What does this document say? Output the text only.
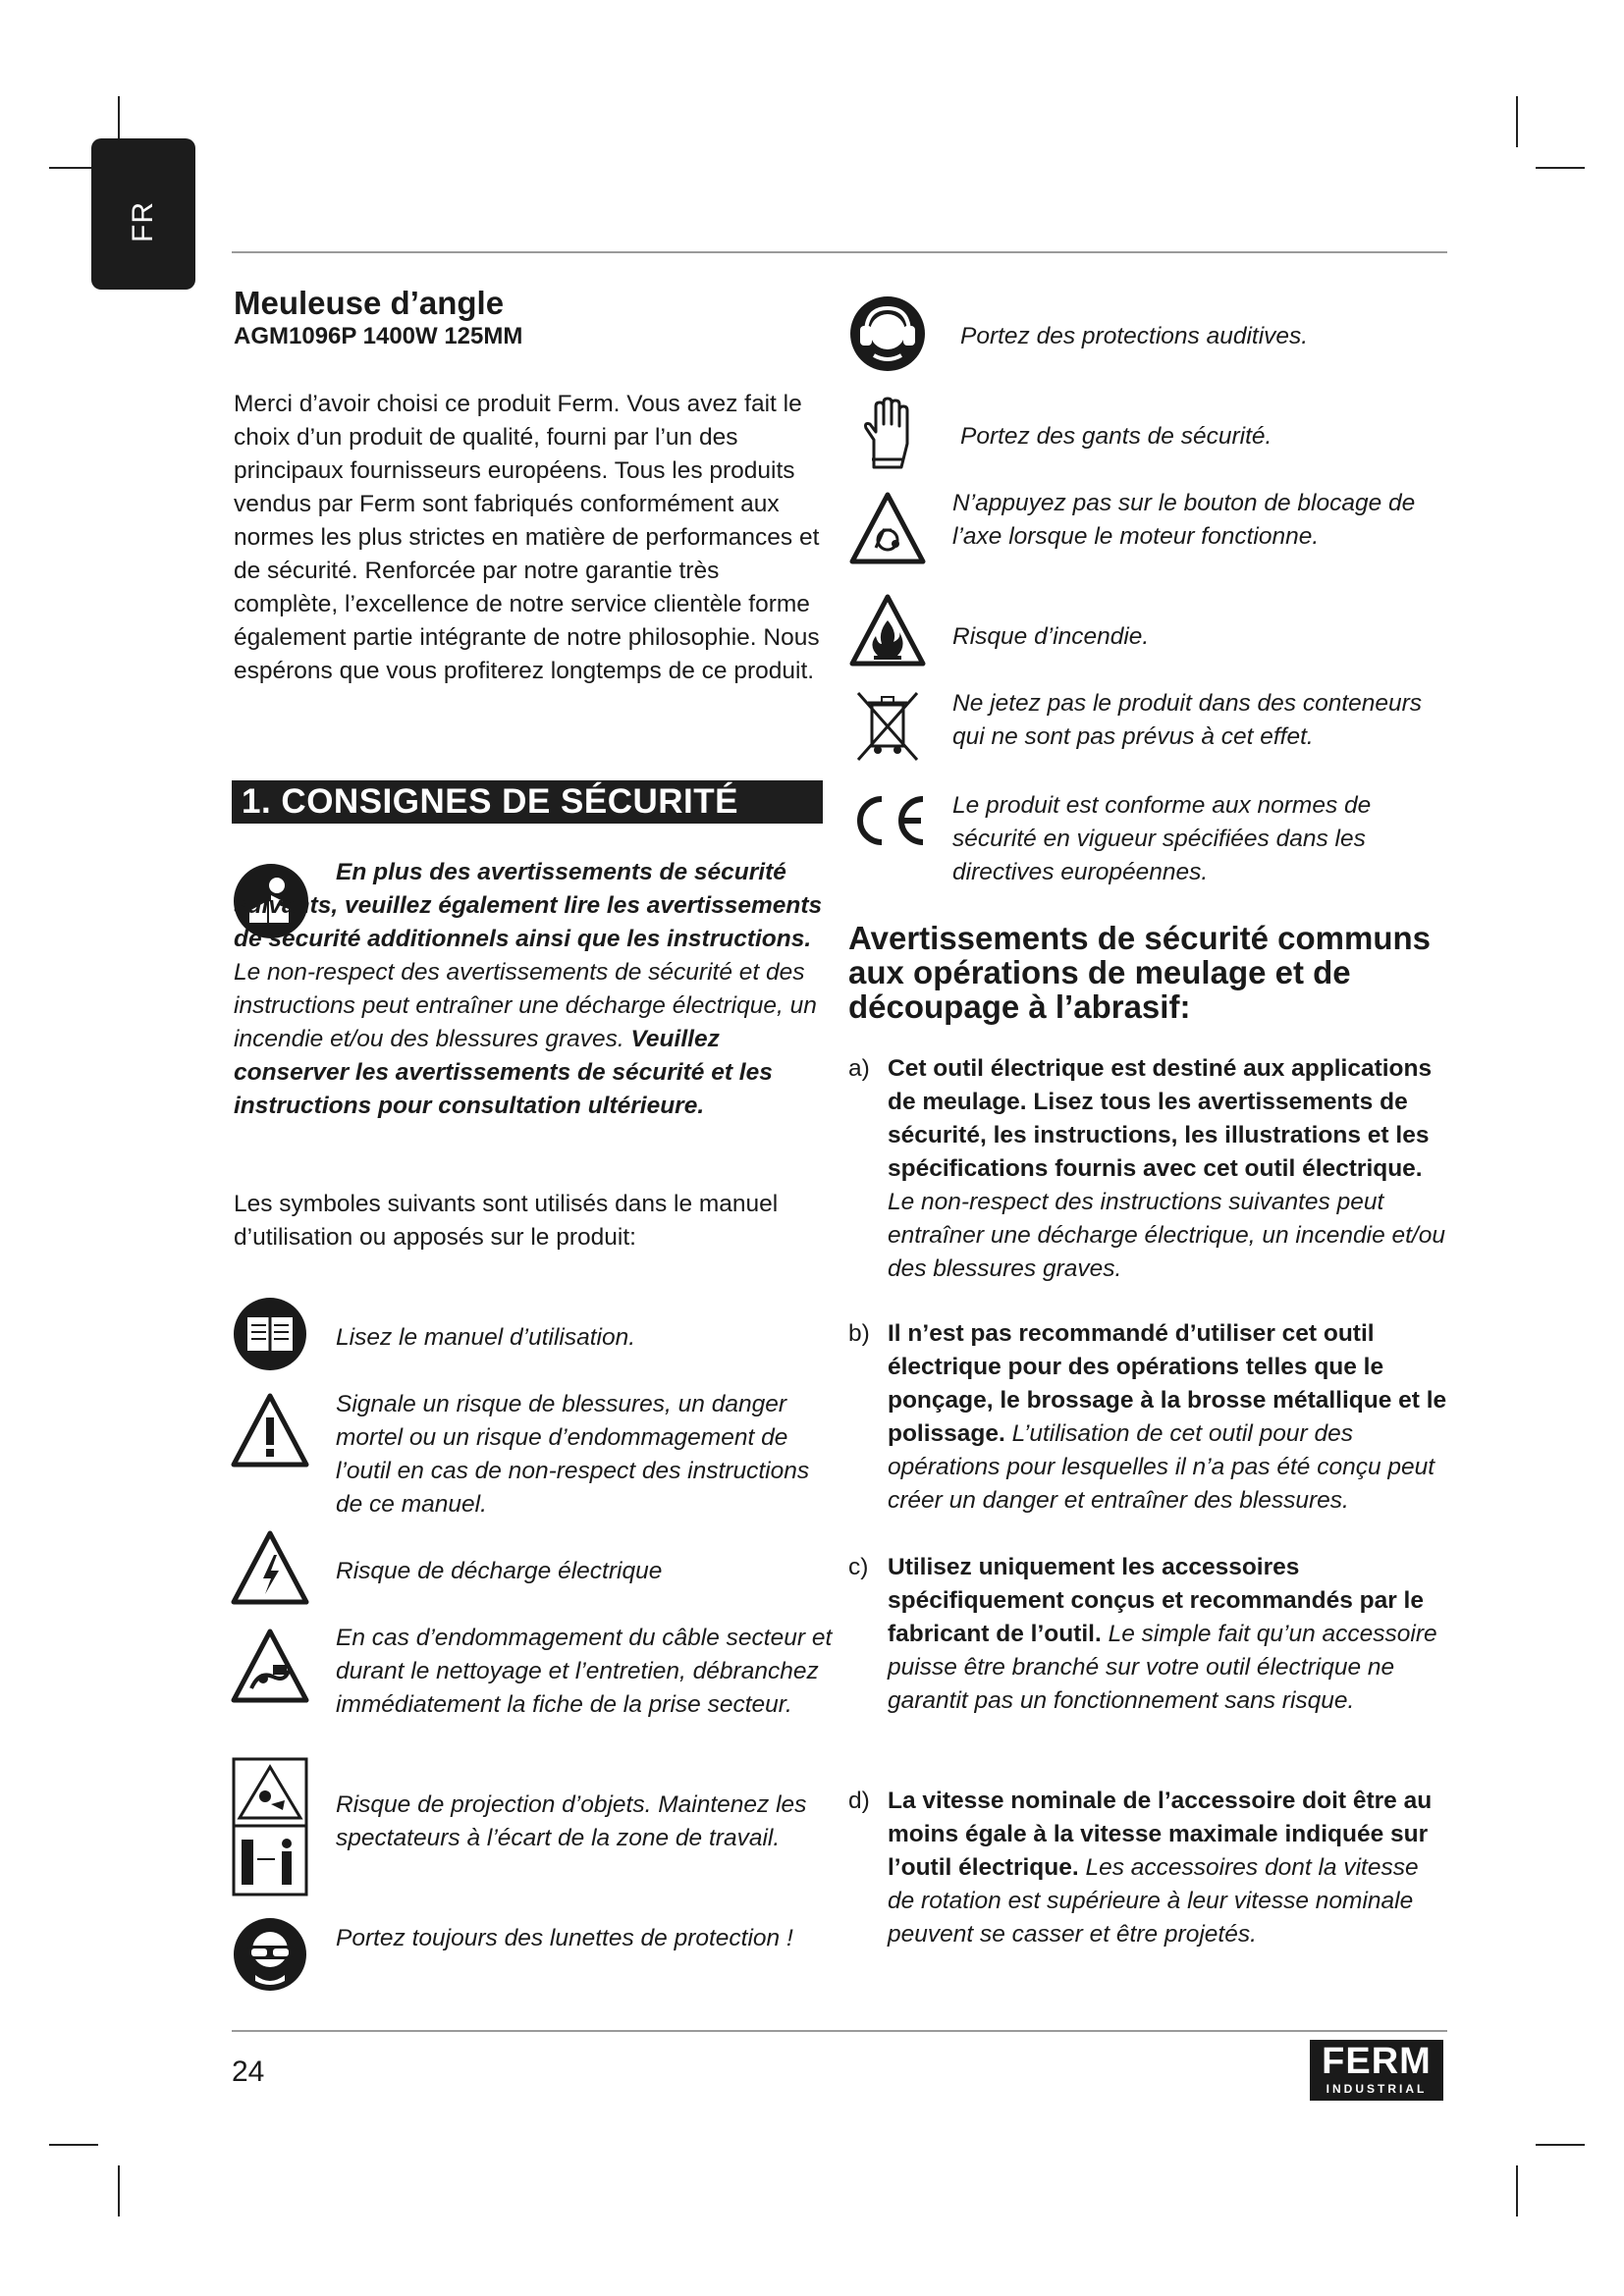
FR
Meuleuse d’angle

AGM1096P 1400W 125MM

Merci d’avoir choisi ce produit Ferm. Vous avez fait le choix d’un produit de qualité, fourni par l’un des principaux fournisseurs européens. Tous les produits vendus par Ferm sont fabriqués conformément aux normes les plus strictes en matière de performances et de sécurité. Renforcée par notre garantie très complète, l’excellence de notre service clientèle forme également partie intégrante de notre philosophie. Nous espérons que vous profiterez longtemps de ce produit.

1. CONSIGNES DE SÉCURITÉ

En plus des avertissements de sécurité suivants, veuillez également lire les avertissements de sécurité additionnels ainsi que les instructions. Le non-respect des avertissements de sécurité et des instructions peut entraîner une décharge électrique, un incendie et/ou des blessures graves. Veuillez conserver les avertissements de sécurité et les instructions pour consultation ultérieure.

Les symboles suivants sont utilisés dans le manuel d’utilisation ou apposés sur le produit:

Lisez le manuel d’utilisation.

Signale un risque de blessures, un danger mortel ou un risque d’endommagement de l’outil en cas de non-respect des instructions de ce manuel.

Risque de décharge électrique

En cas d’endommagement du câble secteur et durant le nettoyage et l’entretien, débranchez immédiatement la fiche de la prise secteur.

Risque de projection d’objets. Maintenez les spectateurs à l’écart de la zone de travail.

Portez toujours des lunettes de protection !

Portez des protections auditives.

Portez des gants de sécurité.

N’appuyez pas sur le bouton de blocage de l’axe lorsque le moteur fonctionne.

Risque d’incendie.

Ne jetez pas le produit dans des conteneurs qui ne sont pas prévus à cet effet.

Le produit est conforme aux normes de sécurité en vigueur spécifiées dans les directives européennes.

Avertissements de sécurité communs aux opérations de meulage et de découpage à l’abrasif:
a) Cet outil électrique est destiné aux applications de meulage. Lisez tous les avertissements de sécurité, les instructions, les illustrations et les spécifications fournis avec cet outil électrique. Le non-respect des instructions suivantes peut entraîner une décharge électrique, un incendie et/ou des blessures graves.
b) Il n’est pas recommandé d’utiliser cet outil électrique pour des opérations telles que le ponçage, le brossage à la brosse métallique et le polissage. L’utilisation de cet outil pour des opérations pour lesquelles il n’a pas été conçu peut créer un danger et entraîner des blessures.
c) Utilisez uniquement les accessoires spécifiquement conçus et recommandés par le fabricant de l’outil. Le simple fait qu’un accessoire puisse être branché sur votre outil électrique ne garantit pas un fonctionnement sans risque.
d) La vitesse nominale de l’accessoire doit être au moins égale à la vitesse maximale indiquée sur l’outil électrique. Les accessoires dont la vitesse de rotation est supérieure à leur vitesse nominale peuvent se casser et être projetés.
24	FERM
INDUSTRIAL
